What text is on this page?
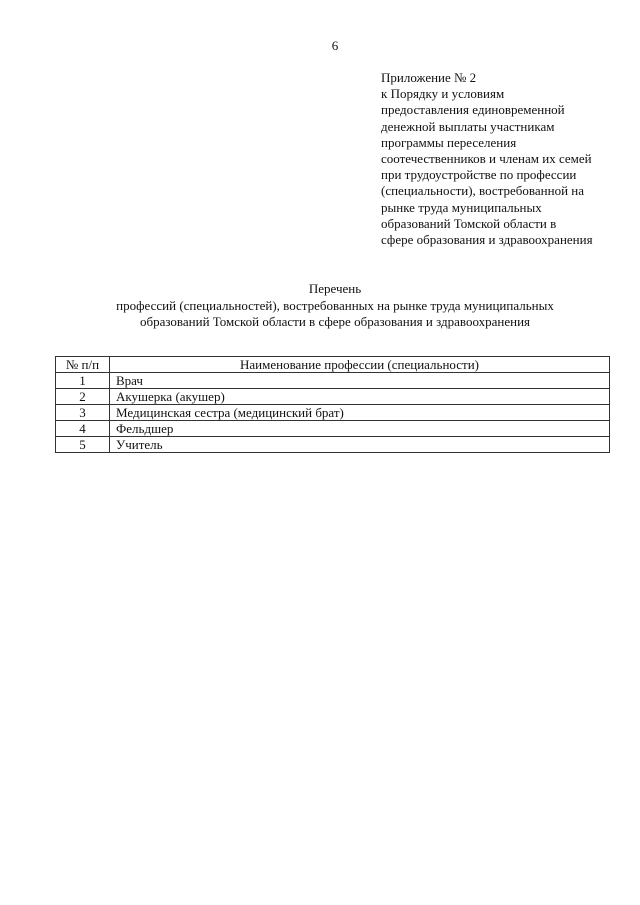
6
Приложение № 2
к Порядку и условиям
предоставления единовременной
денежной выплаты участникам
программы переселения
соотечественников и членам их семей
при трудоустройстве по профессии
(специальности), востребованной на
рынке труда муниципальных
образований Томской области в
сфере образования и здравоохранения
Перечень
профессий (специальностей), востребованных на рынке труда муниципальных
образований Томской области в сфере образования и здравоохранения
№ п/п	Наименование профессии (специальности)
1	Врач
2	Акушерка (акушер)
3	Медицинская сестра (медицинский брат)
4	Фельдшер
5	Учитель
